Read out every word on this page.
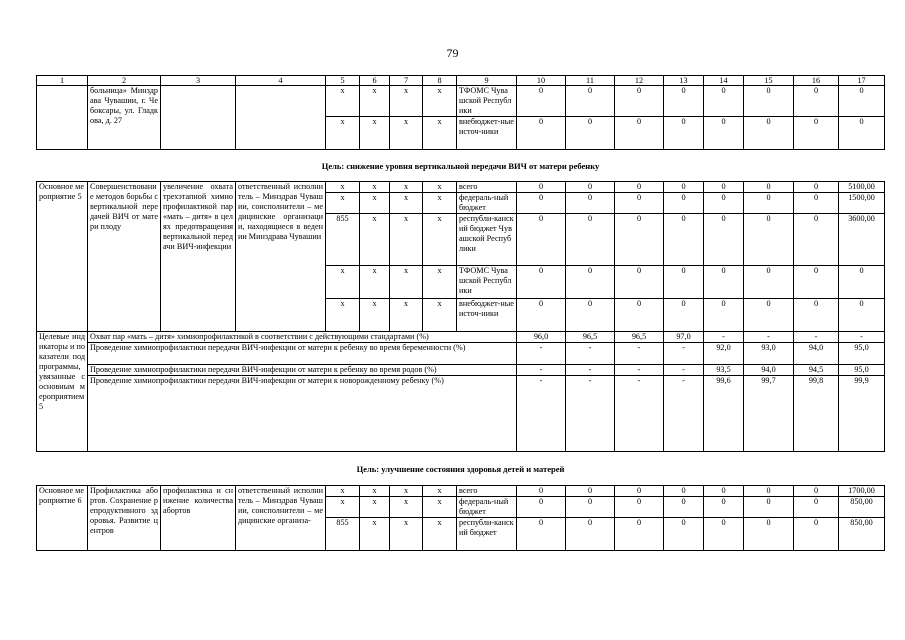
79
1	2	3	4	5	6	7	8	9	10	11	12	13	14	15	16	17
	больница» Минздрава Чувашии, г. Чебоксары, ул. Гладкова, д. 27			x	x	x	x	ТФОМС Чувашской Республики	0	0	0	0	0	0	0	0
				x	x	x	x	внебюджет-ные источ-ники	0	0	0	0	0	0	0	0
Цель: снижение уровня вертикальной передачи ВИЧ от матери ребенку																
Основное мероприятие 5	Совершенствование методов борьбы с вертикальной передачей ВИЧ от матери плоду	увеличение охвата трехэтапной химиопрофилактикой пар «мать – дитя» в целях предотвращения вертикальной передачи ВИЧ-инфекции	ответственный исполнитель – Минздрав Чувашии, соисполнители – медицинские организации, находящиеся в ведении Минздрава Чувашии	x	x	x	x	всего	0	0	0	0	0	0	0	5100,00
				x	x	x	x	федераль-ный бюджет	0	0	0	0	0	0	0	1500,00
				855	x	x	x	республи-канский бюджет Чувашской Республики	0	0	0	0	0	0	0	3600,00
				x	x	x	x	ТФОМС Чувашской Республики	0	0	0	0	0	0	0	0
				x	x	x	x	внебюджет-ные источ-ники	0	0	0	0	0	0	0	0
Целевые индикаторы и показатели подпрограммы, увязанные с основным мероприятием 5	Охват пар «мать – дитя» химиопрофилактикой в соответствии с действующими стандартами (%)								96,0	96,5	96,5	97,0	-	-	-	-
	Проведение химиопрофилактики передачи ВИЧ-инфекции от матери к ребенку во время беременности (%)								-	-	-	-	92,0	93,0	94,0	95,0
	Проведение химиопрофилактики передачи ВИЧ-инфекции от матери к ребенку во время родов (%)								-	-	-	-	93,5	94,0	94,5	95,0
	Проведение химиопрофилактики передачи ВИЧ-инфекции от матери к новорожденному ребенку (%)								-	-	-	-	99,6	99,7	99,8	99,9
Цель: улучшение состояния здоровья детей и матерей																
Основное мероприятие 6	Профилактика абортов. Сохранение репродуктивного здоровья. Развитие центров	профилактика и снижение количества абортов	ответственный исполнитель – Минздрав Чувашии, соисполнители – медицинские организа-	x	x	x	x	всего	0	0	0	0	0	0	0	1700,00
				x	x	x	x	федераль-ный бюджет	0	0	0	0	0	0	0	850,00
				855	x	x	x	республи-канский бюджет	0	0	0	0	0	0	0	850,00
